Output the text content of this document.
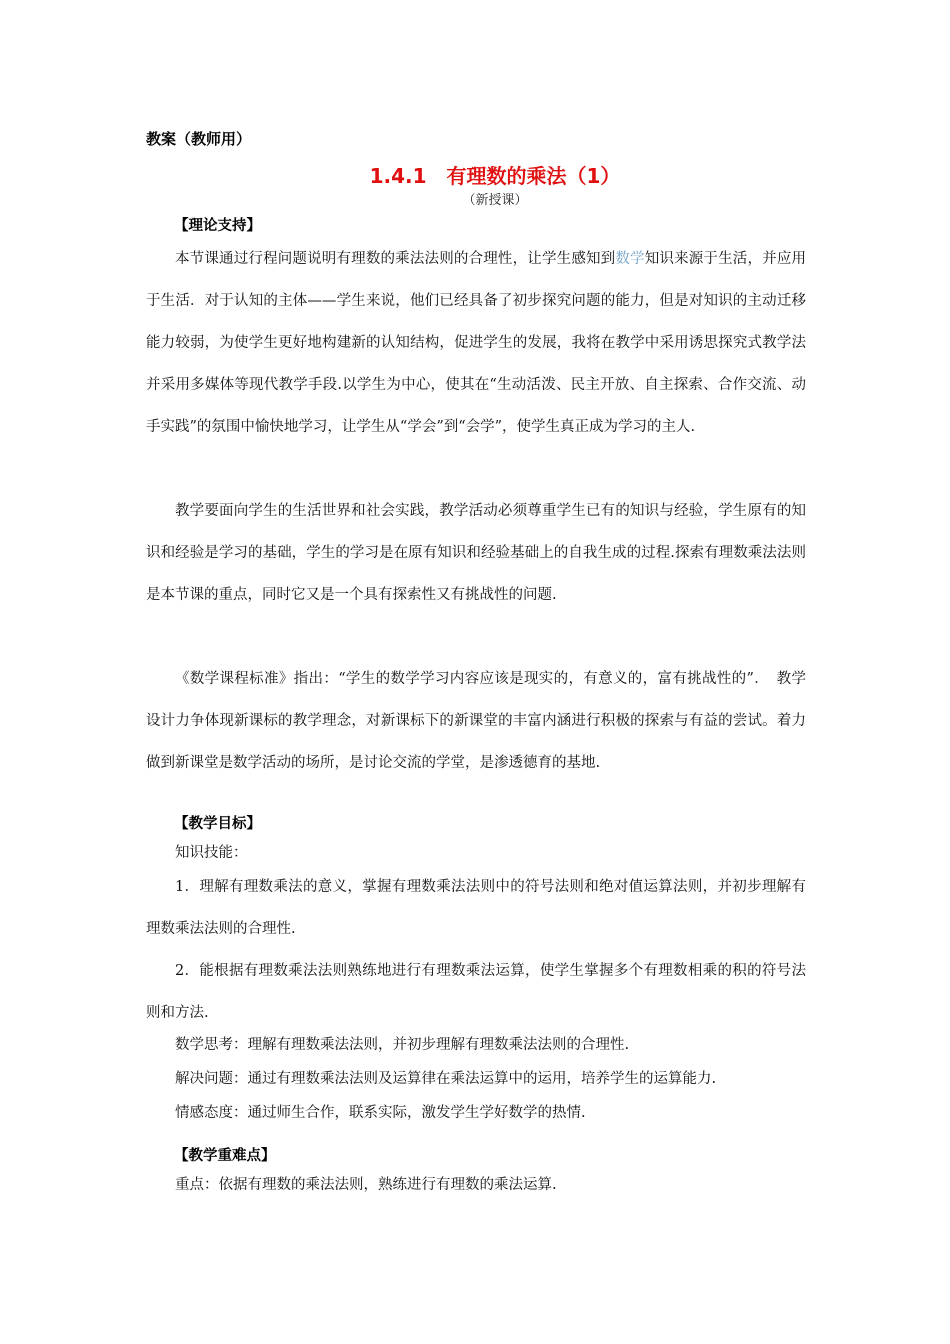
教案（教师用）
1.4.1　有理数的乘法（1）
（新授课）
【理论支持】

本节课通过行程问题说明有理数的乘法法则的合理性，让学生感知到数学知识来源于生活，并应用于生活．对于认知的主体——学生来说，他们已经具备了初步探究问题的能力，但是对知识的主动迁移能力较弱，为使学生更好地构建新的认知结构，促进学生的发展，我将在教学中采用诱思探究式教学法并采用多媒体等现代教学手段.以学生为中心，使其在“生动活泼、民主开放、自主探索、合作交流、动手实践”的氛围中愉快地学习，让学生从“学会”到“会学”，使学生真正成为学习的主人.

教学要面向学生的生活世界和社会实践，教学活动必须尊重学生已有的知识与经验，学生原有的知识和经验是学习的基础，学生的学习是在原有知识和经验基础上的自我生成的过程.探索有理数乘法法则是本节课的重点，同时它又是一个具有探索性又有挑战性的问题.

《数学课程标准》指出：“学生的数学学习内容应该是现实的，有意义的，富有挑战性的”．　教学设计力争体现新课标的教学理念，对新课标下的新课堂的丰富内涵进行积极的探索与有益的尝试。着力做到新课堂是数学活动的场所，是讨论交流的学堂，是渗透德育的基地.

【教学目标】

知识技能：

1．理解有理数乘法的意义，掌握有理数乘法法则中的符号法则和绝对值运算法则，并初步理解有理数乘法法则的合理性.

2．能根据有理数乘法法则熟练地进行有理数乘法运算，使学生掌握多个有理数相乘的积的符号法则和方法.

数学思考：理解有理数乘法法则，并初步理解有理数乘法法则的合理性.

解决问题：通过有理数乘法法则及运算律在乘法运算中的运用，培养学生的运算能力.

情感态度：通过师生合作，联系实际，激发学生学好数学的热情.

【教学重难点】

重点：依据有理数的乘法法则，熟练进行有理数的乘法运算.
